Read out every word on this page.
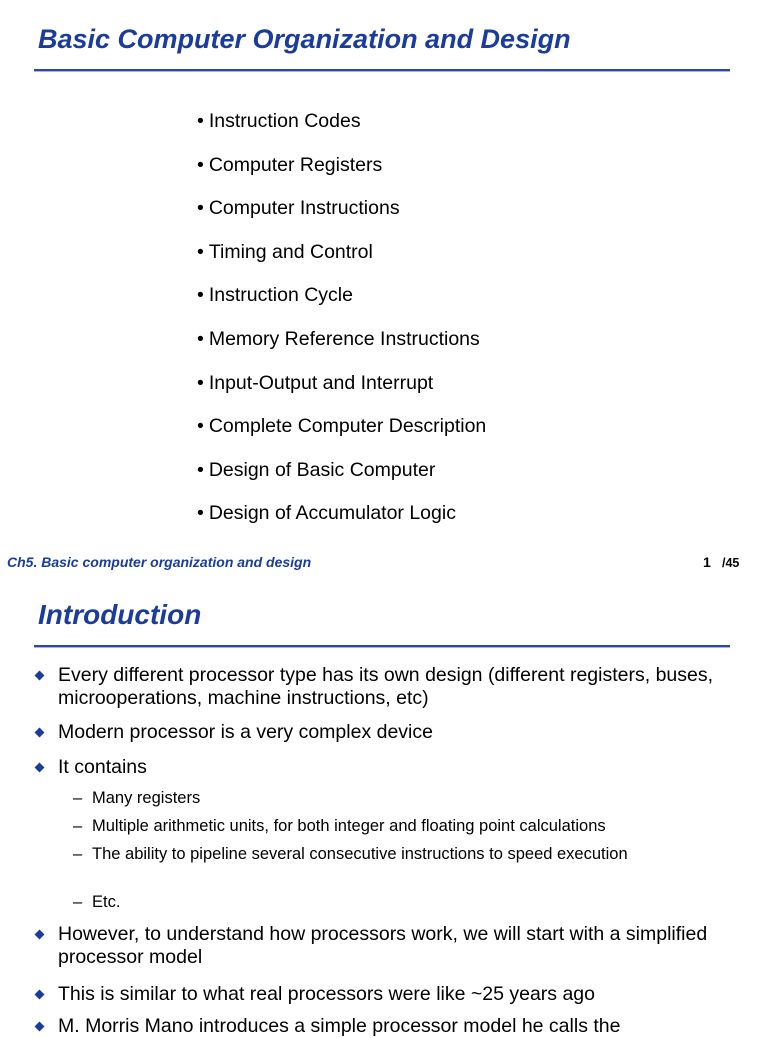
Basic Computer Organization and Design
• Instruction Codes
• Computer Registers
• Computer Instructions
• Timing and Control
• Instruction Cycle
• Memory Reference Instructions
• Input-Output and Interrupt
• Complete Computer Description
• Design of Basic Computer
• Design of Accumulator Logic
Ch5. Basic computer organization and design	1 /45
Introduction
Every different processor type has its own design (different registers, buses, microoperations, machine instructions, etc)
Modern processor is a very complex device
It contains
– Many registers
– Multiple arithmetic units, for both integer and floating point calculations
– The ability to pipeline several consecutive instructions to speed execution
– Etc.
However, to understand how processors work, we will start with a simplified processor model
This is similar to what real processors were like ~25 years ago
M. Morris Mano introduces a simple processor model he calls the
